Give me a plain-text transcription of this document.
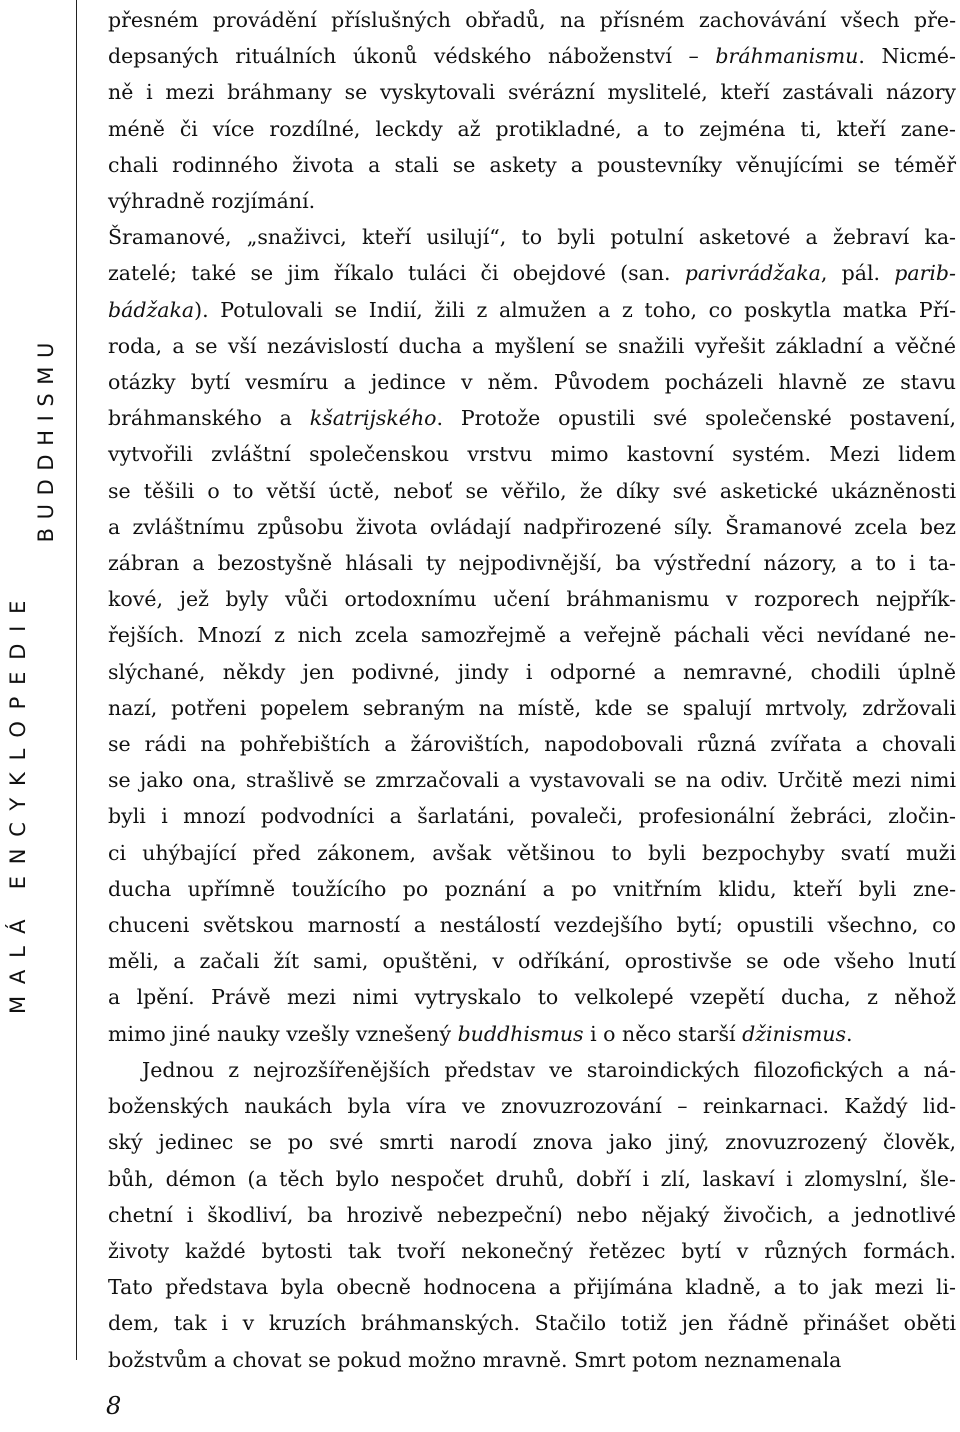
MALÁ ENCYKLOPEDIE
BUDDHISMU
přesném provádění příslušných obřadů, na přísném zachovávání všech pře-
depsaných rituálních úkonů védského náboženství – bráhmanismu. Nicmé-
ně i mezi bráhmany se vyskytovali svérázní myslitelé, kteří zastávali názory
méně či více rozdílné, leckdy až protikladné, a to zejména ti, kteří zane-
chali rodinného života a stali se askety a poustevníky věnujícími se téměř
výhradně rozjímání.
Šramanové, „snaživci, kteří usilují“, to byli potulní asketové a žebraví ka-
zatelé; také se jim říkalo tuláci či obejdové (san. parivrádžaka, pál. parib-
bádžaka). Potulovali se Indií, žili z almužen a z toho, co poskytla matka Pří-
roda, a se vší nezávislostí ducha a myšlení se snažili vyřešit základní a věčné
otázky bytí vesmíru a jedince v něm. Původem pocházeli hlavně ze stavu
bráhmanského a kšatrijského. Protože opustili své společenské postavení,
vytvořili zvláštní společenskou vrstvu mimo kastovní systém. Mezi lidem
se těšili o to větší úctě, neboť se věřilo, že díky své asketické ukázněnosti
a zvláštnímu způsobu života ovládají nadpřirozené síly. Šramanové zcela bez
zábran a bezostyšně hlásali ty nejpodivnější, ba výstřední názory, a to i ta-
kové, jež byly vůči ortodoxnímu učení bráhmanismu v rozporech nejpřík-
řejších. Mnozí z nich zcela samozřejmě a veřejně páchali věci nevídané ne-
slýchané, někdy jen podivné, jindy i odporné a nemravné, chodili úplně
nazí, potřeni popelem sebraným na místě, kde se spalují mrtvoly, zdržovali
se rádi na pohřebištích a žárovištích, napodobovali různá zvířata a chovali
se jako ona, strašlivě se zmrzačovali a vystavovali se na odiv. Určitě mezi nimi
byli i mnozí podvodníci a šarlatáni, povaleči, profesionální žebráci, zločin-
ci uhýbající před zákonem, avšak většinou to byli bezpochyby svatí muži
ducha upřímně toužícího po poznání a po vnitřním klidu, kteří byli zne-
chuceni světskou marností a nestálostí vezdejšího bytí; opustili všechno, co
měli, a začali žít sami, opuštěni, v odříkání, oprostivše se ode všeho lnutí
a lpění. Právě mezi nimi vytryskalo to velkolepé vzepětí ducha, z něhož
mimo jiné nauky vzešly vznešený buddhismus i o něco starší džinismus.
Jednou z nejrozšířenějších představ ve staroindických filozofických a ná-
boženských naukách byla víra ve znovuzrozování – reinkarnaci. Každý lid-
ský jedinec se po své smrti narodí znova jako jiný, znovuzrozený člověk,
bůh, démon (a těch bylo nespočet druhů, dobří i zlí, laskaví i zlomyslní, šle-
chetní i škodliví, ba hrozivě nebezpeční) nebo nějaký živočich, a jednotlivé
životy každé bytosti tak tvoří nekonečný řetězec bytí v různých formách.
Tato představa byla obecně hodnocena a přijímána kladně, a to jak mezi li-
dem, tak i v kruzích bráhmanských. Stačilo totiž jen řádně přinášet oběti
božstvům a chovat se pokud možno mravně. Smrt potom neznamenala
8
